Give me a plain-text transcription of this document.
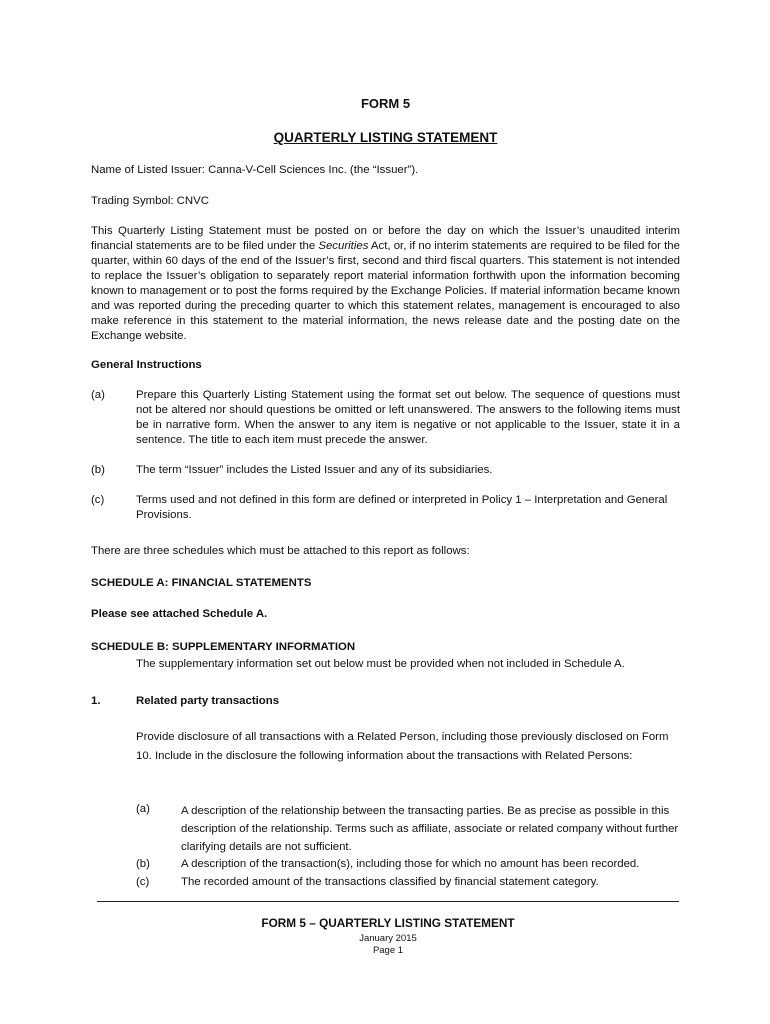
FORM 5
QUARTERLY LISTING STATEMENT
Name of Listed Issuer: Canna-V-Cell Sciences Inc. (the “Issuer”).
Trading Symbol: CNVC
This Quarterly Listing Statement must be posted on or before the day on which the Issuer’s unaudited interim financial statements are to be filed under the Securities Act, or, if no interim statements are required to be filed for the quarter, within 60 days of the end of the Issuer’s first, second and third fiscal quarters. This statement is not intended to replace the Issuer’s obligation to separately report material information forthwith upon the information becoming known to management or to post the forms required by the Exchange Policies. If material information became known and was reported during the preceding quarter to which this statement relates, management is encouraged to also make reference in this statement to the material information, the news release date and the posting date on the Exchange website.
General Instructions
(a)	Prepare this Quarterly Listing Statement using the format set out below. The sequence of questions must not be altered nor should questions be omitted or left unanswered. The answers to the following items must be in narrative form. When the answer to any item is negative or not applicable to the Issuer, state it in a sentence. The title to each item must precede the answer.
(b)	The term “Issuer” includes the Listed Issuer and any of its subsidiaries.
(c)	Terms used and not defined in this form are defined or interpreted in Policy 1 – Interpretation and General Provisions.
There are three schedules which must be attached to this report as follows:
SCHEDULE A: FINANCIAL STATEMENTS
Please see attached Schedule A.
SCHEDULE B: SUPPLEMENTARY INFORMATION
The supplementary information set out below must be provided when not included in Schedule A.
1.	Related party transactions
Provide disclosure of all transactions with a Related Person, including those previously disclosed on Form 10. Include in the disclosure the following information about the transactions with Related Persons:
(a)	A description of the relationship between the transacting parties. Be as precise as possible in this description of the relationship. Terms such as affiliate, associate or related company without further clarifying details are not sufficient.
(b)	A description of the transaction(s), including those for which no amount has been recorded.
(c)	The recorded amount of the transactions classified by financial statement category.
FORM 5 – QUARTERLY LISTING STATEMENT
January 2015
Page 1
